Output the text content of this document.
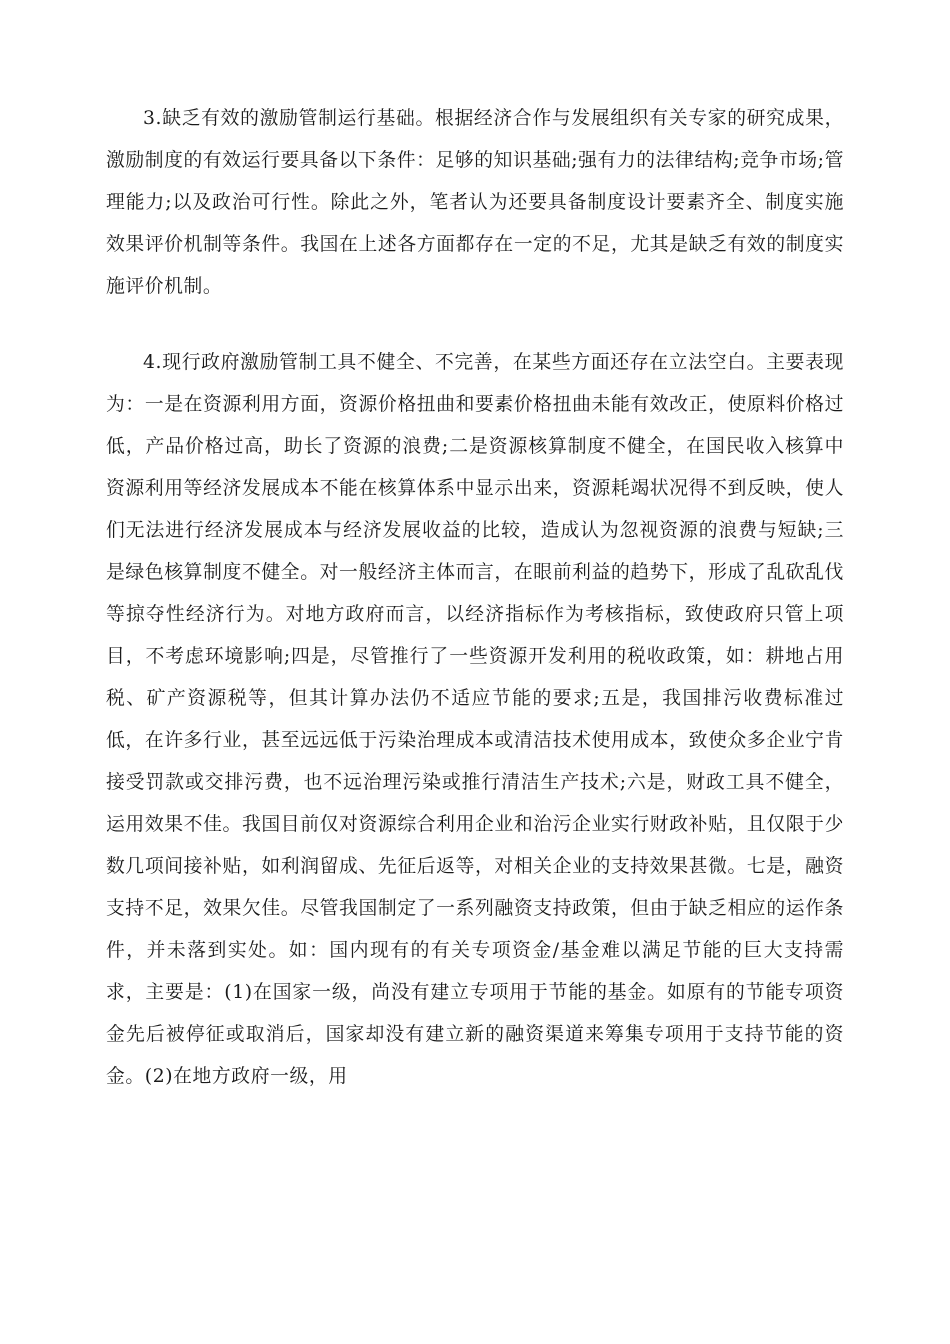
3.缺乏有效的激励管制运行基础。根据经济合作与发展组织有关专家的研究成果，激励制度的有效运行要具备以下条件：足够的知识基础;强有力的法律结构;竞争市场;管理能力;以及政治可行性。除此之外，笔者认为还要具备制度设计要素齐全、制度实施效果评价机制等条件。我国在上述各方面都存在一定的不足，尤其是缺乏有效的制度实施评价机制。

4.现行政府激励管制工具不健全、不完善，在某些方面还存在立法空白。主要表现为：一是在资源利用方面，资源价格扭曲和要素价格扭曲未能有效改正，使原料价格过低，产品价格过高，助长了资源的浪费;二是资源核算制度不健全，在国民收入核算中资源利用等经济发展成本不能在核算体系中显示出来，资源耗竭状况得不到反映，使人们无法进行经济发展成本与经济发展收益的比较，造成认为忽视资源的浪费与短缺;三是绿色核算制度不健全。对一般经济主体而言，在眼前利益的趋势下，形成了乱砍乱伐等掠夺性经济行为。对地方政府而言，以经济指标作为考核指标，致使政府只管上项目，不考虑环境影响;四是，尽管推行了一些资源开发利用的税收政策，如：耕地占用税、矿产资源税等，但其计算办法仍不适应节能的要求;五是，我国排污收费标准过低，在许多行业，甚至远远低于污染治理成本或清洁技术使用成本，致使众多企业宁肯接受罚款或交排污费，也不远治理污染或推行清洁生产技术;六是，财政工具不健全，运用效果不佳。我国目前仅对资源综合利用企业和治污企业实行财政补贴，且仅限于少数几项间接补贴，如利润留成、先征后返等，对相关企业的支持效果甚微。七是，融资支持不足，效果欠佳。尽管我国制定了一系列融资支持政策，但由于缺乏相应的运作条件，并未落到实处。如：国内现有的有关专项资金/基金难以满足节能的巨大支持需求，主要是：(1)在国家一级，尚没有建立专项用于节能的基金。如原有的节能专项资金先后被停征或取消后，国家却没有建立新的融资渠道来筹集专项用于支持节能的资金。(2)在地方政府一级，用
